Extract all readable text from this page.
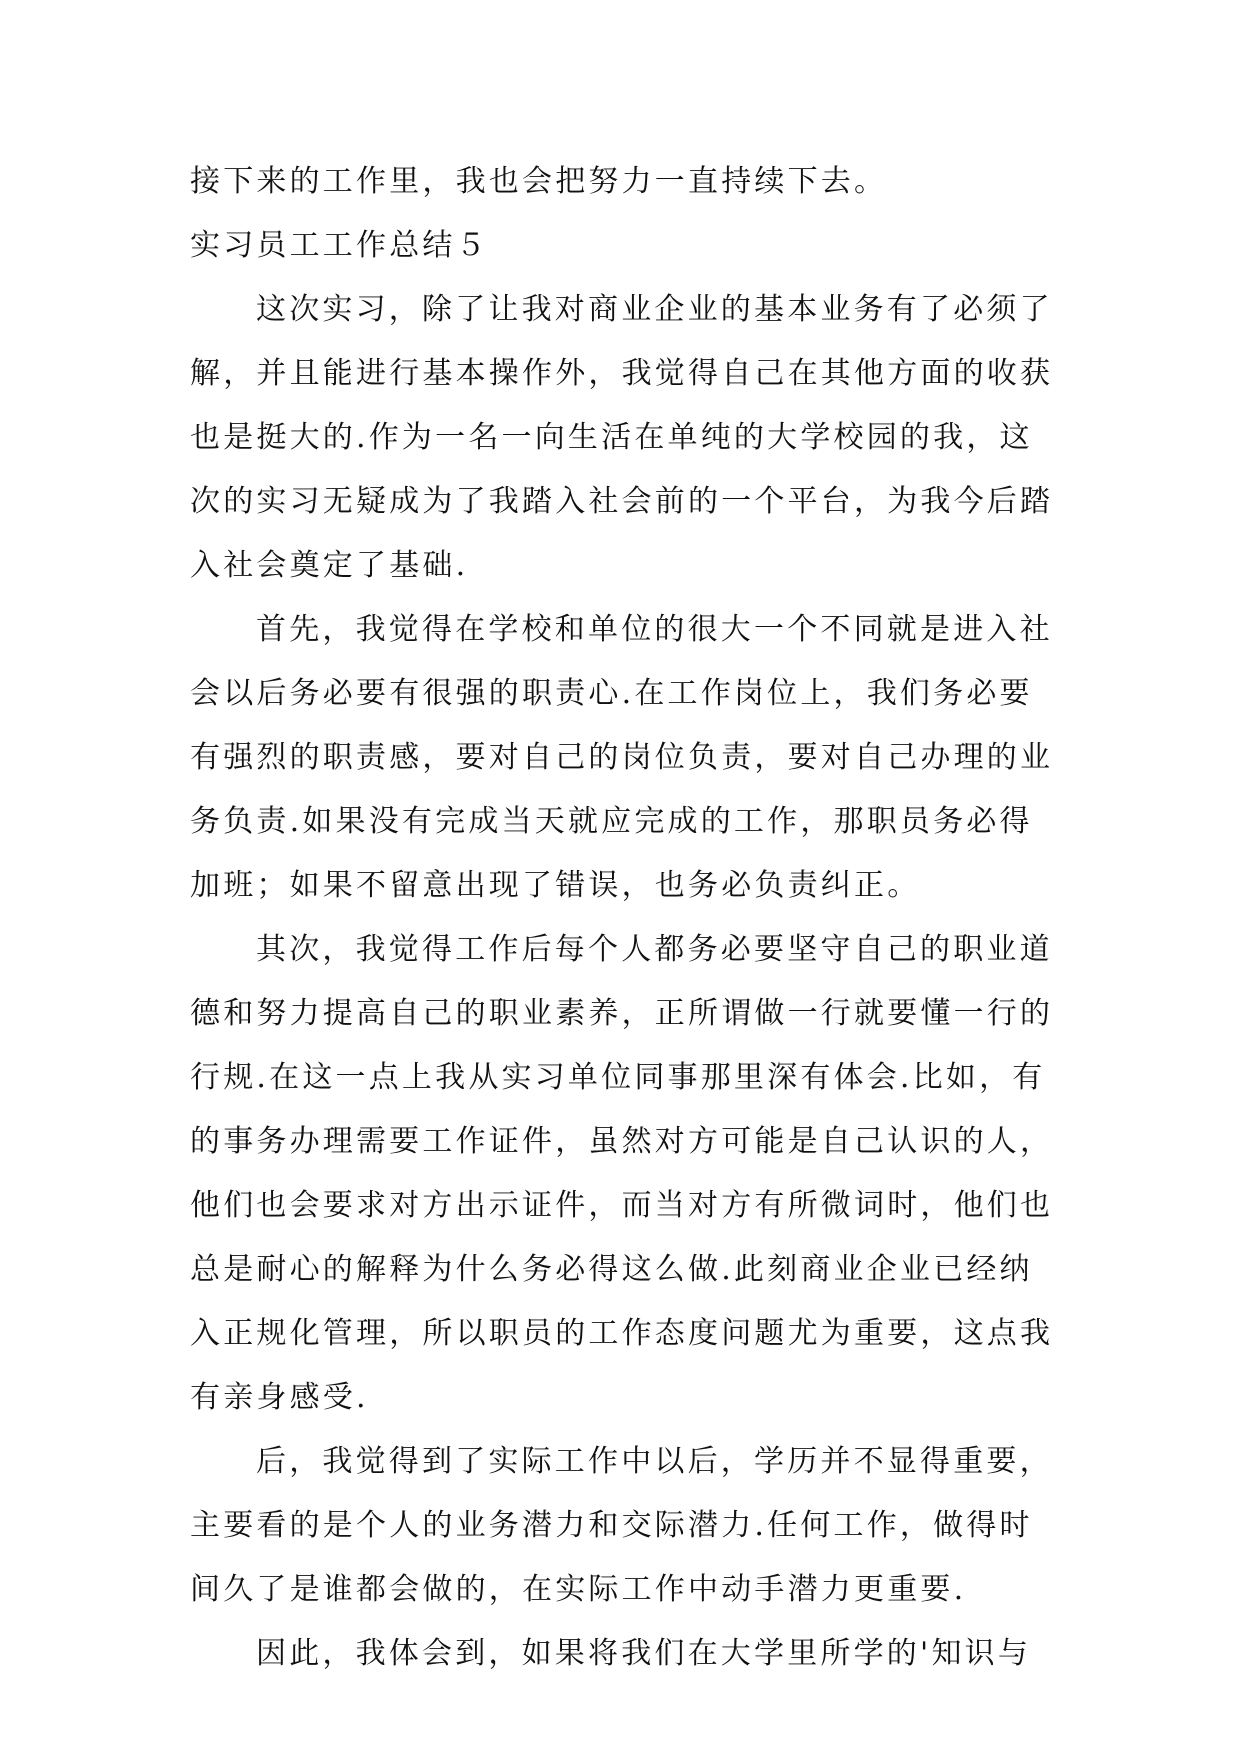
接下来的工作里，我也会把努力一直持续下去。
实习员工工作总结５
这次实习，除了让我对商业企业的基本业务有了必须了
解，并且能进行基本操作外，我觉得自己在其他方面的收获
也是挺大的.作为一名一向生活在单纯的大学校园的我，这
次的实习无疑成为了我踏入社会前的一个平台，为我今后踏
入社会奠定了基础.
首先，我觉得在学校和单位的很大一个不同就是进入社
会以后务必要有很强的职责心.在工作岗位上，我们务必要
有强烈的职责感，要对自己的岗位负责，要对自己办理的业
务负责.如果没有完成当天就应完成的工作，那职员务必得
加班；如果不留意出现了错误，也务必负责纠正。
其次，我觉得工作后每个人都务必要坚守自己的职业道
德和努力提高自己的职业素养，正所谓做一行就要懂一行的
行规.在这一点上我从实习单位同事那里深有体会.比如，有
的事务办理需要工作证件，虽然对方可能是自己认识的人，
他们也会要求对方出示证件，而当对方有所微词时，他们也
总是耐心的解释为什么务必得这么做.此刻商业企业已经纳
入正规化管理，所以职员的工作态度问题尤为重要，这点我
有亲身感受.
后，我觉得到了实际工作中以后，学历并不显得重要，
主要看的是个人的业务潜力和交际潜力.任何工作，做得时
间久了是谁都会做的，在实际工作中动手潜力更重要.
因此，我体会到，如果将我们在大学里所学的'知识与
